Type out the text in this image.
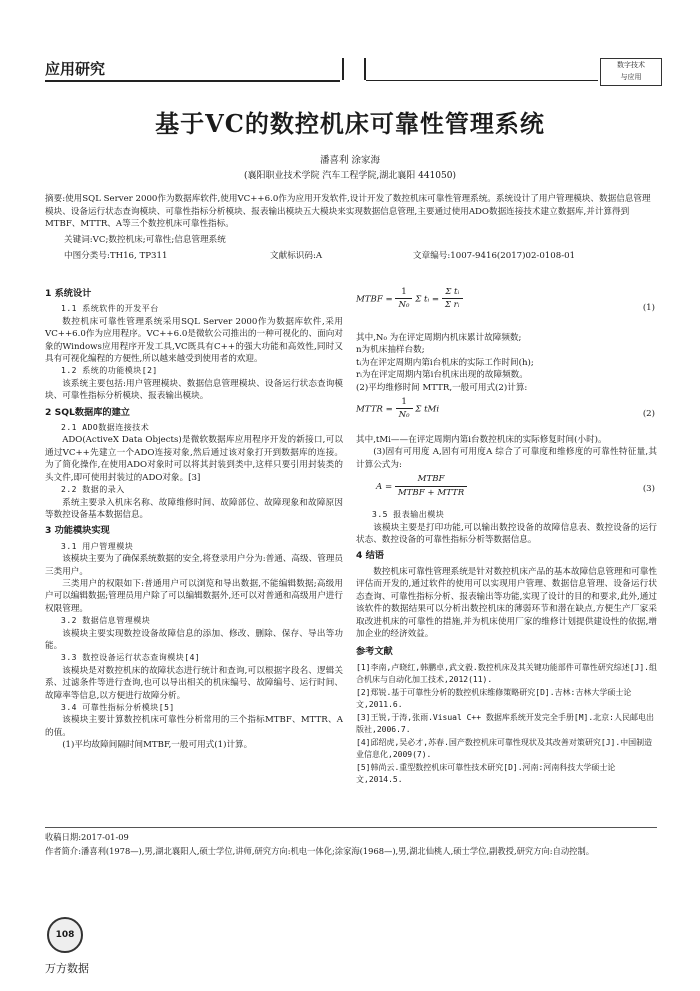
应用研究	数字技术
与应用
基于VC的数控机床可靠性管理系统
潘喜利 涂家海
(襄阳职业技术学院 汽车工程学院,湖北襄阳 441050)
摘要:使用SQL Server 2000作为数据库软件,使用VC++6.0作为应用开发软件,设计开发了数控机床可靠性管理系统。系统设计了用户管理模块、数据信息管理模块、设备运行状态查询模块、可靠性指标分析模块、报表输出模块五大模块来实现数据信息管理,主要通过使用ADO数据连接技术建立数据库,并计算得到MTBF、MTTR、A等三个数控机床可靠性指标。
关键词:VC;数控机床;可靠性;信息管理系统
中图分类号:TH16, TP311	文献标识码:A	文章编号:1007-9416(2017)02-0108-01
1 系统设计

1.1 系统软件的开发平台

数控机床可靠性管理系统采用SQL Server 2000作为数据库软件,采用VC++6.0作为应用程序。VC++6.0是微软公司推出的一种可视化的、面向对象的Windows应用程序开发工具,VC既具有C++的强大功能和高效性,同时又具有可视化编程的方便性,所以越来越受到使用者的欢迎。

1.2 系统的功能模块[2]

该系统主要包括:用户管理模块、数据信息管理模块、设备运行状态查询模块、可靠性指标分析模块、报表输出模块。

2 SQL数据库的建立

2.1 ADO数据连接技术

ADO(ActiveX Data Objects)是微软数据库应用程序开发的新接口,可以通过VC++先建立一个ADO连接对象,然后通过该对象打开到数据库的连接。为了简化操作,在使用ADO对象时可以将其封装到类中,这样只要引用封装类的头文件,即可使用封装过的ADO对象。[3]

2.2 数据的录入

系统主要录入机床名称、故障维修时间、故障部位、故障现象和故障原因等数控设备基本数据信息。

3 功能模块实现

3.1 用户管理模块

该模块主要为了确保系统数据的安全,将登录用户分为:普通、高级、管理员三类用户。

三类用户的权限如下:普通用户可以浏览和导出数据,不能编辑数据;高级用户可以编辑数据;管理员用户除了可以编辑数据外,还可以对普通和高级用户进行权限管理。

3.2 数据信息管理模块

该模块主要实现数控设备故障信息的添加、修改、删除、保存、导出等功能。

3.3 数控设备运行状态查询模块[4]

该模块是对数控机床的故障状态进行统计和查询,可以根据字段名、逻辑关系、过滤条件等进行查询,也可以导出相关的机床编号、故障编号、运行时间、故障率等信息,以方便进行故障分析。

3.4 可靠性指标分析模块[5]

该模块主要计算数控机床可靠性分析常用的三个指标MTBF、MTTR、A的值。

(1)平均故障间隔时间MTBF,一般可用式(1)计算。

MTBF = $\frac{1}{\text{N₀}}$ Σ tᵢ = $\frac{\text{Σ tᵢ}}{\text{Σ rᵢ}}$	(1)

其中,N₀ 为在评定周期内机床累计故障频数;

n为机床抽样台数;

tᵢ为在评定周期内第i台机床的实际工作时间(h);

rᵢ为在评定周期内第i台机床出现的故障频数。

(2)平均维修时间 MTTR,一般可用式(2)计算:

MTTR = $\frac{1}{\text{N₀}}$ Σ tMi	(2)

其中,tMi——在评定周期内第i台数控机床的实际修复时间(小时)。

(3)固有可用度 A,固有可用度A 综合了可靠度和维修度的可靠性特征量,其计算公式为:

$A = \frac{\text{MTBF}}{\text{MTBF + MTTR}}$	(3)

3.5 报表输出模块

该模块主要是打印功能,可以输出数控设备的故障信息表、数控设备的运行状态、数控设备的可靠性指标分析等数据信息。

4 结语

数控机床可靠性管理系统是针对数控机床产品的基本故障信息管理和可靠性评估而开发的,通过软件的使用可以实现用户管理、数据信息管理、设备运行状态查询、可靠性指标分析、报表输出等功能,实现了设计的目的和要求,此外,通过该软件的数据结果可以分析出数控机床的薄弱环节和潜在缺点,方便生产厂家采取改进机床的可靠性的措施,并为机床使用厂家的维修计划提供建设性的依据,增加企业的经济效益。

参考文献
[1]李南,卢晓红,韩鹏卓,武文毅.数控机床及其关键功能部件可靠性研究综述[J].组合机床与自动化加工技术,2012(11).
[2]郑锐.基于可靠性分析的数控机床维修策略研究[D].吉林:吉林大学硕士论文,2011.6.
[3]王锐,于涛,张雨.Visual C++ 数据库系统开发完全手册[M].北京:人民邮电出版社,2006.7.
[4]邱绍虎,吴必才,苏春.国产数控机床可靠性现状及其改善对策研究[J].中国制造业信息化,2009(7).
[5]韩尚云.重型数控机床可靠性技术研究[D].河南:河南科技大学硕士论文,2014.5.
收稿日期:2017-01-09
作者简介:潘喜利(1978—),男,湖北襄阳人,硕士学位,讲师,研究方向:机电一体化;涂家海(1968—),男,湖北仙桃人,硕士学位,副教授,研究方向:自动控制。
108
万方数据
